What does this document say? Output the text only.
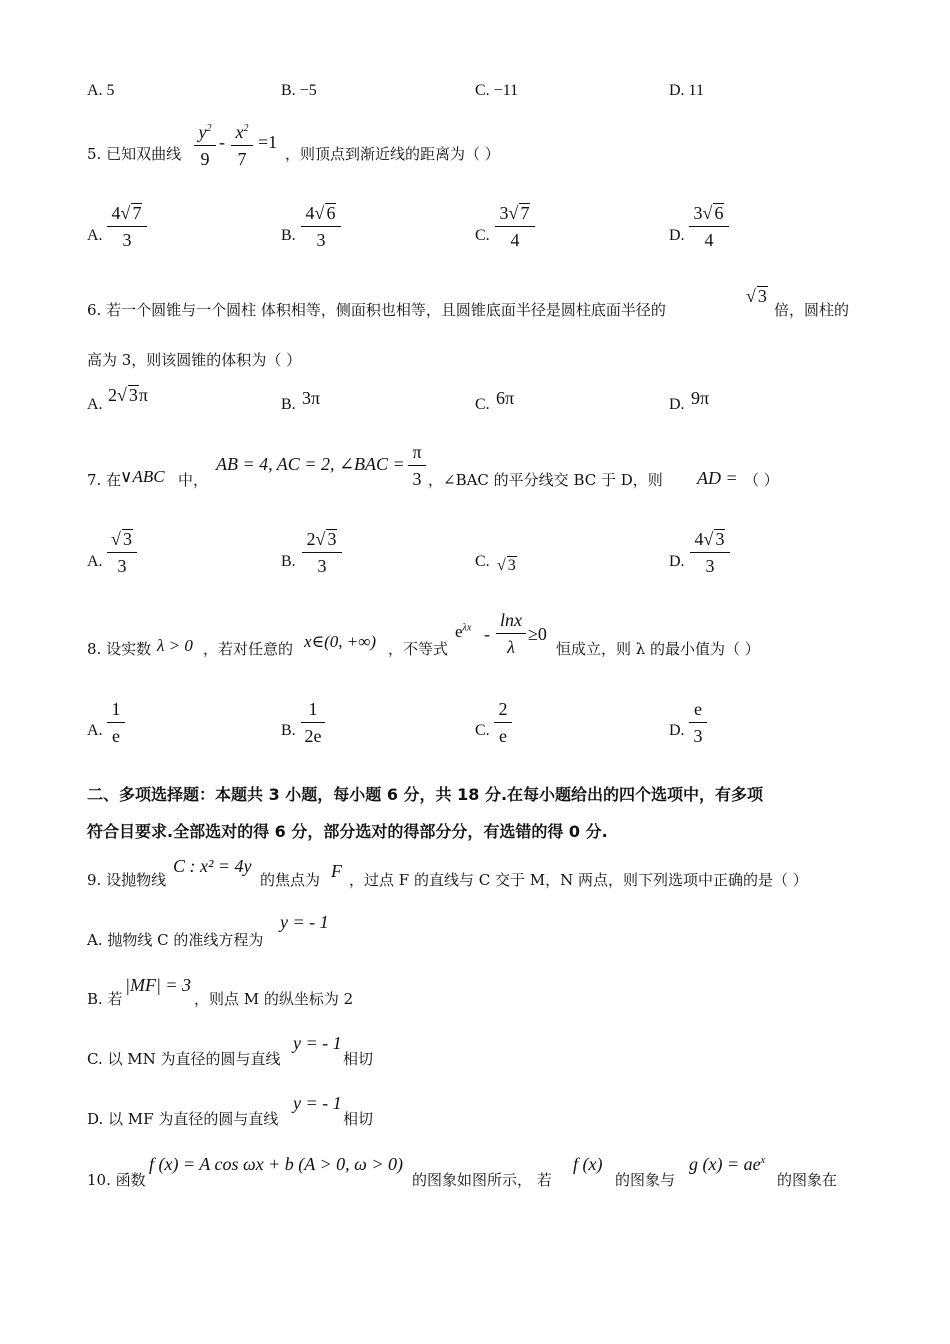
A. 5	B. −5	C. −11	D. 11
5. 已知双曲线
$y^2$
9
- $x^2$
7
=1
，则顶点到渐近线的距离为（ ）
A.
4√ 7
3	B.
4√ 6
3	C.
3√ 7
4	D.
3√ 6
4
6. 若一个圆锥与一个圆柱 体积相等，侧面积也相等，且圆锥底面半径是圆柱底面半径的
√ 3
倍，圆柱的
高为 3，则该圆锥的体积为（ ）
A. 2√ 3π	B. 3π	C. 6π	D. 9π
7. 在
∨ABC 中，
AB = 4, AC = 2, ∠BAC =
π
3 ，∠BAC 的平分线交 BC 于 D，则 AD = （ ）
A.
√ 3
3	B.
2√ 3
3	C. √ 3	D.
4√ 3
3
8. 设实数 λ > 0 ，若对任意的 x∈(0, +∞) ，不等式
$e^{\lambda x}$ -
lnx
λ
≥0
恒成立，则 λ 的最小值为（ ）
A.
1
e	B.
1
2e	C.
2
e	D.
e
3
二、多项选择题：本题共 3 小题，每小题 6 分，共 18 分.在每小题给出的四个选项中，有多项
符合目要求.全部选对的得 6 分，部分选对的得部分分，有选错的得 0 分.
9. 设抛物线
C : x² = 4y
的焦点为 F ，过点 F 的直线与 C 交于 M，N 两点，则下列选项中正确的是（ ）
A. 抛物线 C 的准线方程为
y = - 1
B. 若
|MF| = 3
，则点 M 的纵坐标为 2
C. 以 MN 为直径的圆与直线
y = - 1
相切
D. 以 MF 为直径的圆与直线
y = - 1
相切
10. 函数
f (x) = A cos ωx + b (A > 0, ω > 0)
的图象如图所示， 若
f (x)
的图象与
g $(x) = ae^x$
的图象在
